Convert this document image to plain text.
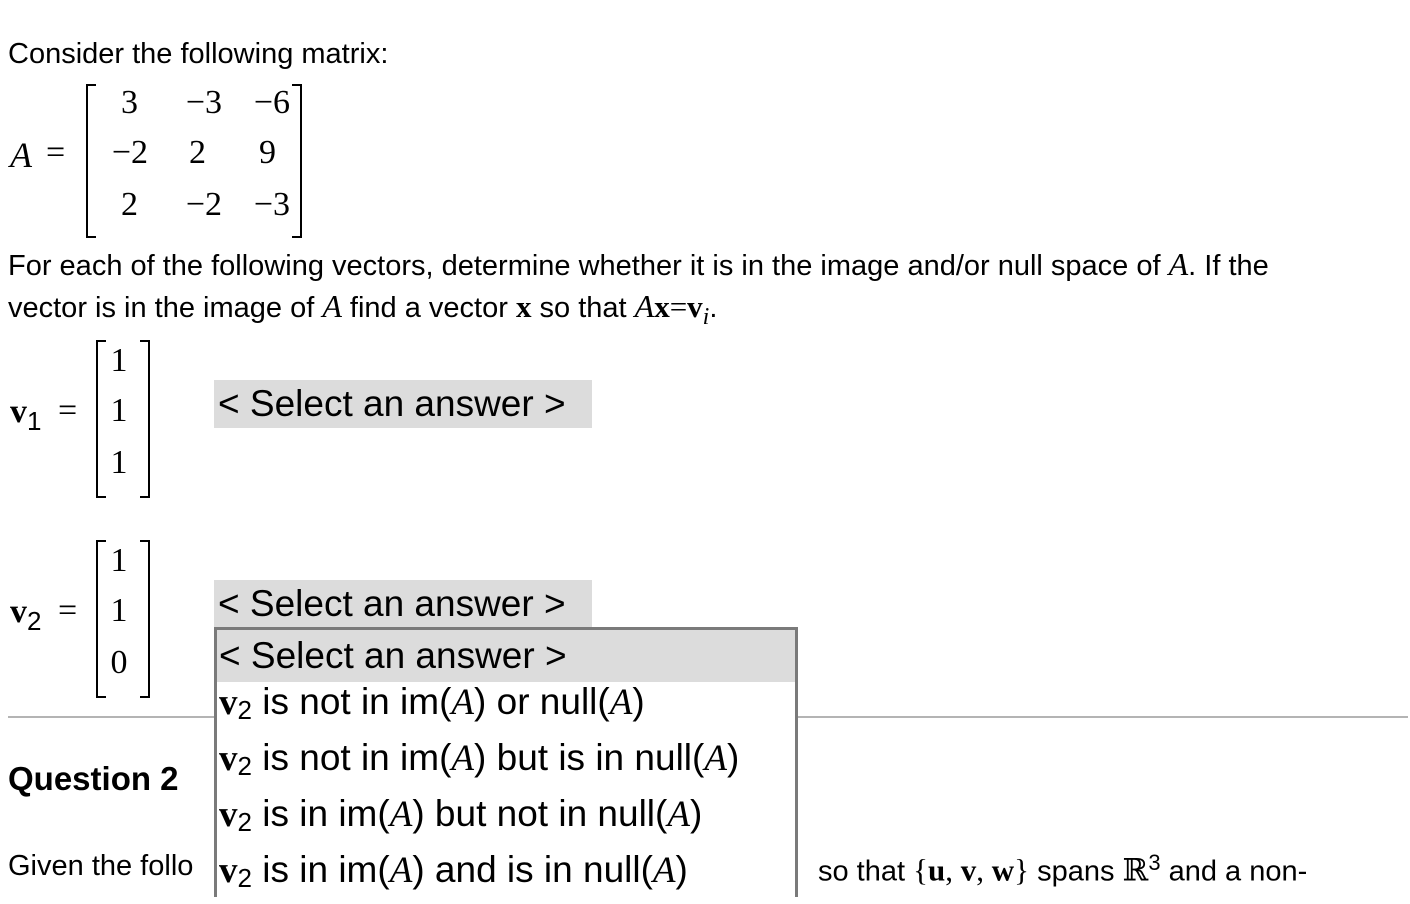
Consider the following matrix:
A =
3	−3 −6
−2	2	9
2	−2 −3
For each of the following vectors, determine whether it is in the image and/or null space of A. If the
vector is in the image of A find a vector x so that $Ax=v_i$.
$v_1$ =
1
1
1
< Select an answer >
$v_2$ =
1
1
0
< Select an answer >
Question 2
Given the follo	so that {u, v, w} spans ℝ$^3$ and a non-
< Select an answer >
$v_2$ is not in im(A) or null(A)
$v_2$ is not in im(A) but is in null(A)
$v_2$ is in im(A) but not in null(A)
$v_2$ is in im(A) and is in null(A)
